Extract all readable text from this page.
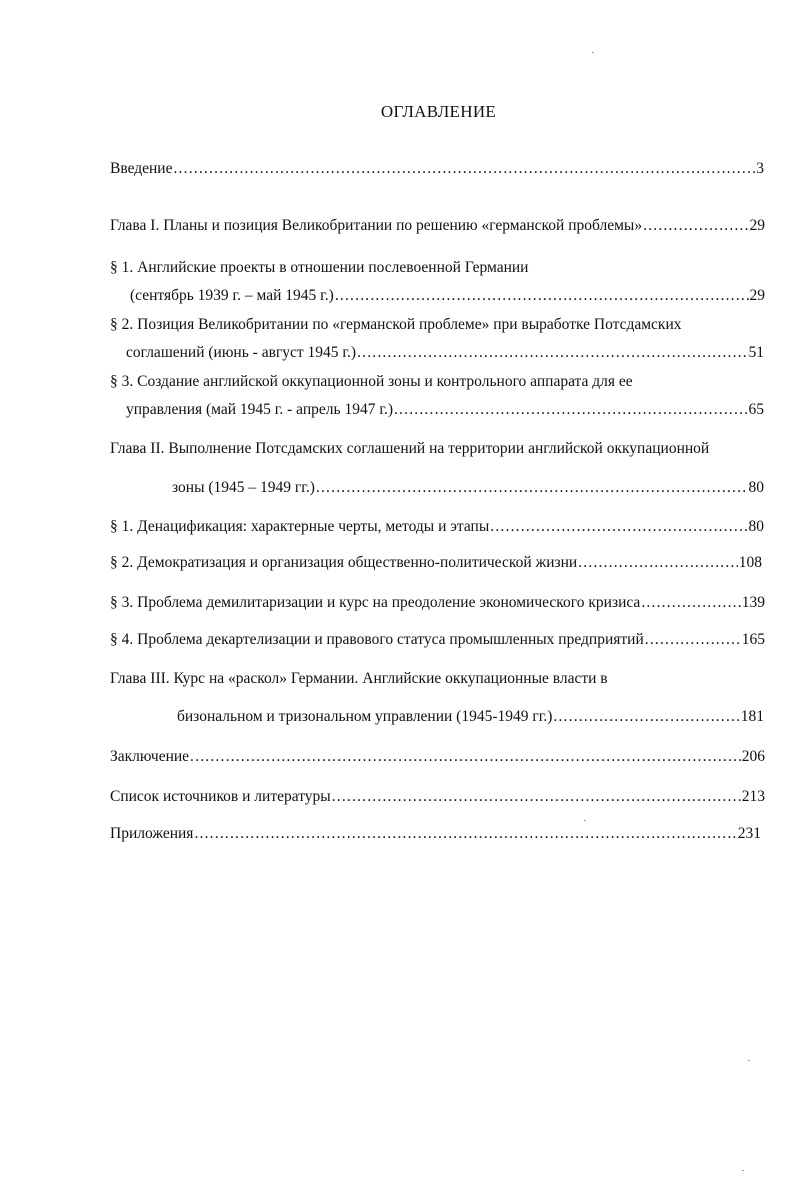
ОГЛАВЛЕНИЕ
Введение .....	3
Глава I. Планы и позиция Великобритании по решению «германской проблемы» .....	29
§ 1. Английские проекты в отношении послевоенной Германии
(сентябрь 1939 г. – май 1945 г.) .....	29
§ 2. Позиция Великобритании по «германской проблеме» при выработке Потсдамских
соглашений (июнь - август 1945 г.) .....	51
§ 3. Создание английской оккупационной зоны и контрольного аппарата для ее
управления (май 1945 г. - апрель 1947 г.) .....	65
Глава II. Выполнение Потсдамских соглашений на территории английской оккупационной
зоны (1945 – 1949 гг.) .....	80
§ 1. Денацификация: характерные черты, методы и этапы .....	80
§ 2. Демократизация и организация общественно-политической жизни .....	108
§ 3. Проблема демилитаризации и курс на преодоление экономического кризиса .....	139
§ 4. Проблема декартелизации и правового статуса промышленных предприятий .....	165
Глава III. Курс на «раскол» Германии. Английские оккупационные власти в
бизональном и тризональном управлении (1945-1949 гг.) .....	181
Заключение .....	206
Список источников и литературы .....	213
Приложения .....	231
